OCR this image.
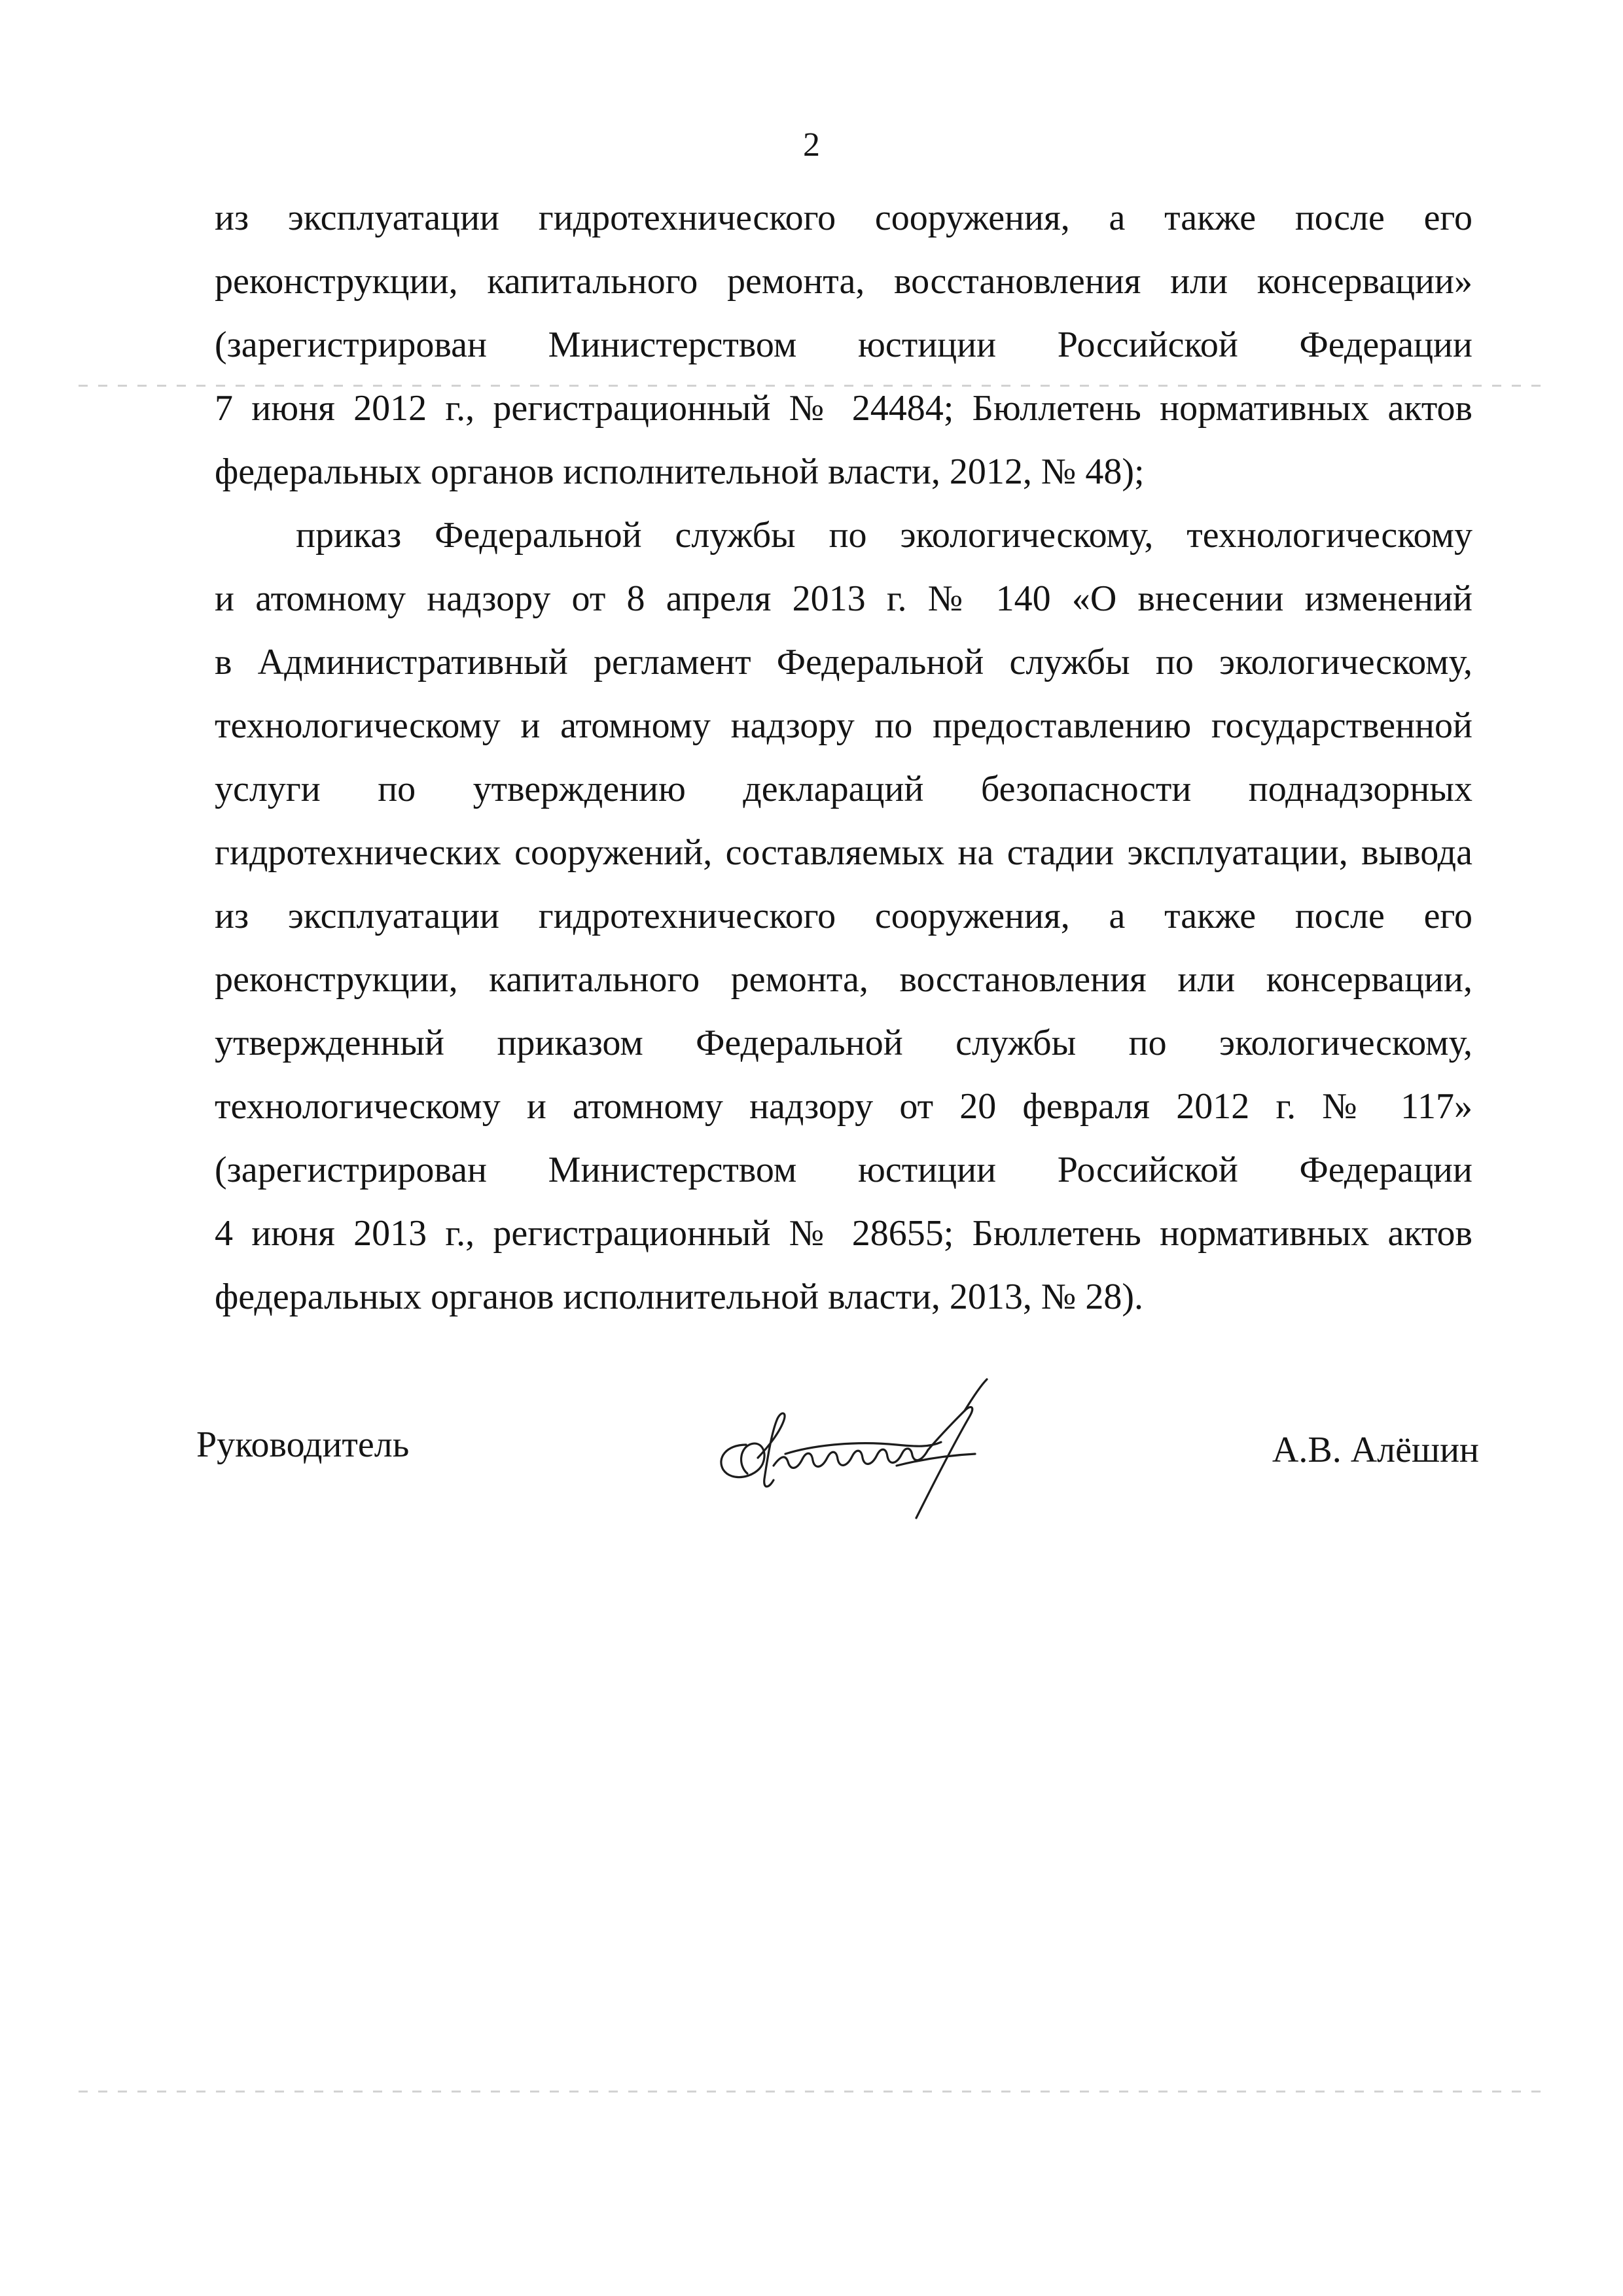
2
из эксплуатации гидротехнического сооружения, а также после его
реконструкции, капитального ремонта, восстановления или консервации»
(зарегистрирован Министерством юстиции Российской Федерации
7 июня 2012 г., регистрационный № 24484; Бюллетень нормативных актов
федеральных органов исполнительной власти, 2012, № 48);
приказ Федеральной службы по экологическому, технологическому
и атомному надзору от 8 апреля 2013 г. № 140 «О внесении изменений
в Административный регламент Федеральной службы по экологическому,
технологическому и атомному надзору по предоставлению государственной
услуги по утверждению деклараций безопасности поднадзорных
гидротехнических сооружений, составляемых на стадии эксплуатации, вывода
из эксплуатации гидротехнического сооружения, а также после его
реконструкции, капитального ремонта, восстановления или консервации,
утвержденный приказом Федеральной службы по экологическому,
технологическому и атомному надзору от 20 февраля 2012 г. № 117»
(зарегистрирован Министерством юстиции Российской Федерации
4 июня 2013 г., регистрационный № 28655; Бюллетень нормативных актов
федеральных органов исполнительной власти, 2013, № 28).
Руководитель	А.В. Алёшин
